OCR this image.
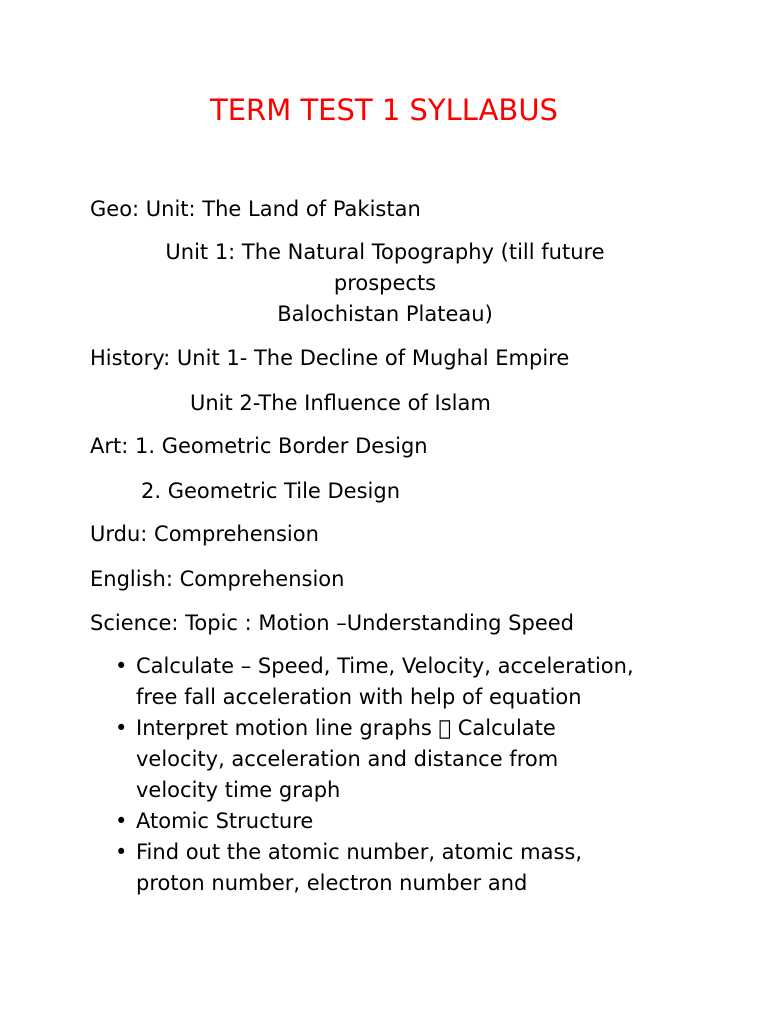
TERM TEST 1 SYLLABUS
Geo: Unit: The Land of Pakistan
Unit 1: The Natural Topography (till future
prospects
Balochistan Plateau)
History: Unit 1- The Decline of Mughal Empire
Unit 2-The Influence of Islam
Art: 1. Geometric Border Design
2. Geometric Tile Design
Urdu: Comprehension
English: Comprehension
Science: Topic : Motion –Understanding Speed
• Calculate – Speed, Time, Velocity, acceleration,
free fall acceleration with help of equation
• Interpret motion line graphs Calculate
velocity, acceleration and distance from
velocity time graph
• Atomic Structure
• Find out the atomic number, atomic mass,
proton number, electron number and
